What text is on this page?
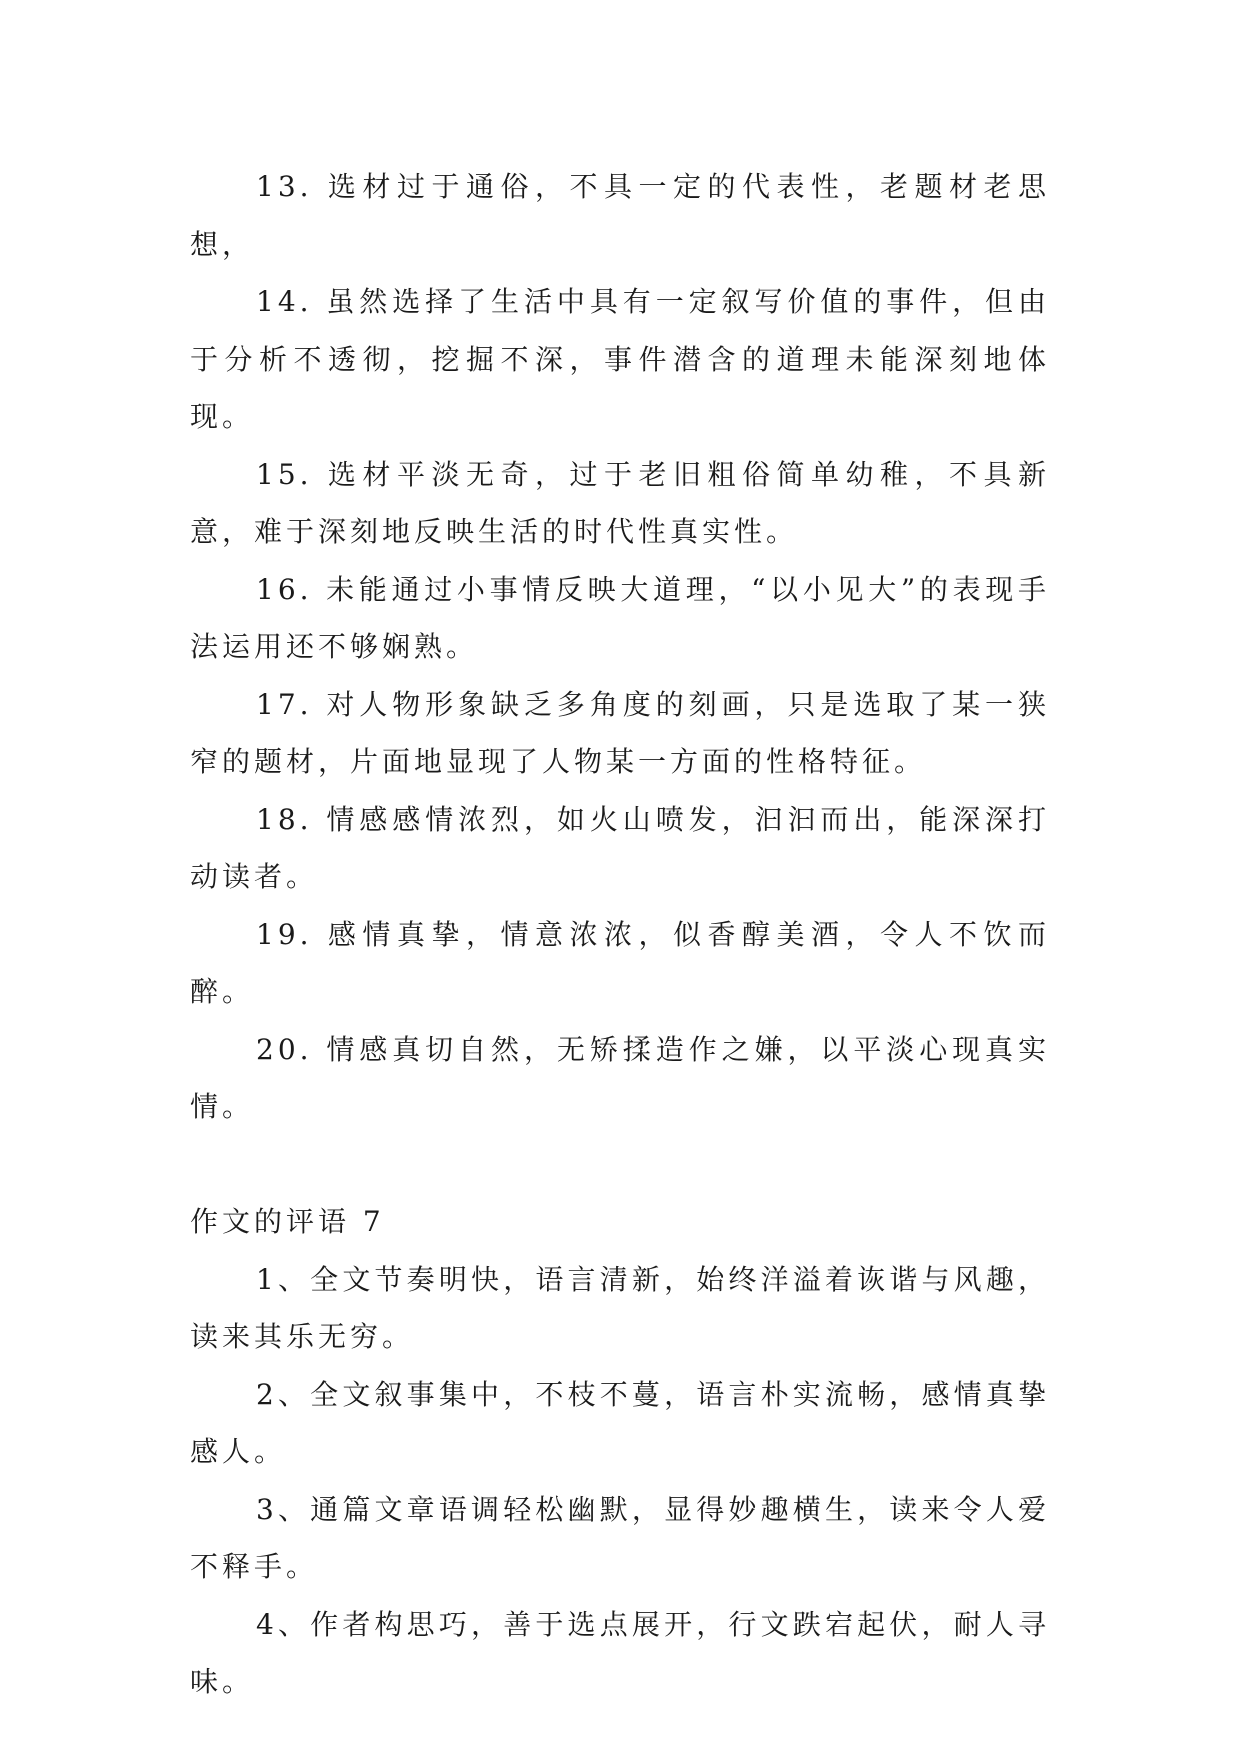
13. 选材过于通俗，不具一定的代表性，老题材老思想，

14. 虽然选择了生活中具有一定叙写价值的事件，但由于分析不透彻，挖掘不深，事件潜含的道理未能深刻地体现。

15. 选材平淡无奇，过于老旧粗俗简单幼稚，不具新意，难于深刻地反映生活的时代性真实性。

16. 未能通过小事情反映大道理，“以小见大”的表现手法运用还不够娴熟。

17. 对人物形象缺乏多角度的刻画，只是选取了某一狭窄的题材，片面地显现了人物某一方面的性格特征。

18. 情感感情浓烈，如火山喷发，汩汩而出，能深深打动读者。

19. 感情真挚，情意浓浓，似香醇美酒，令人不饮而醉。

20. 情感真切自然，无矫揉造作之嫌，以平淡心现真实情。

作文的评语 7

1、全文节奏明快，语言清新，始终洋溢着诙谐与风趣，读来其乐无穷。

2、全文叙事集中，不枝不蔓，语言朴实流畅，感情真挚感人。

3、通篇文章语调轻松幽默，显得妙趣横生，读来令人爱不释手。

4、作者构思巧，善于选点展开，行文跌宕起伏，耐人寻味。
